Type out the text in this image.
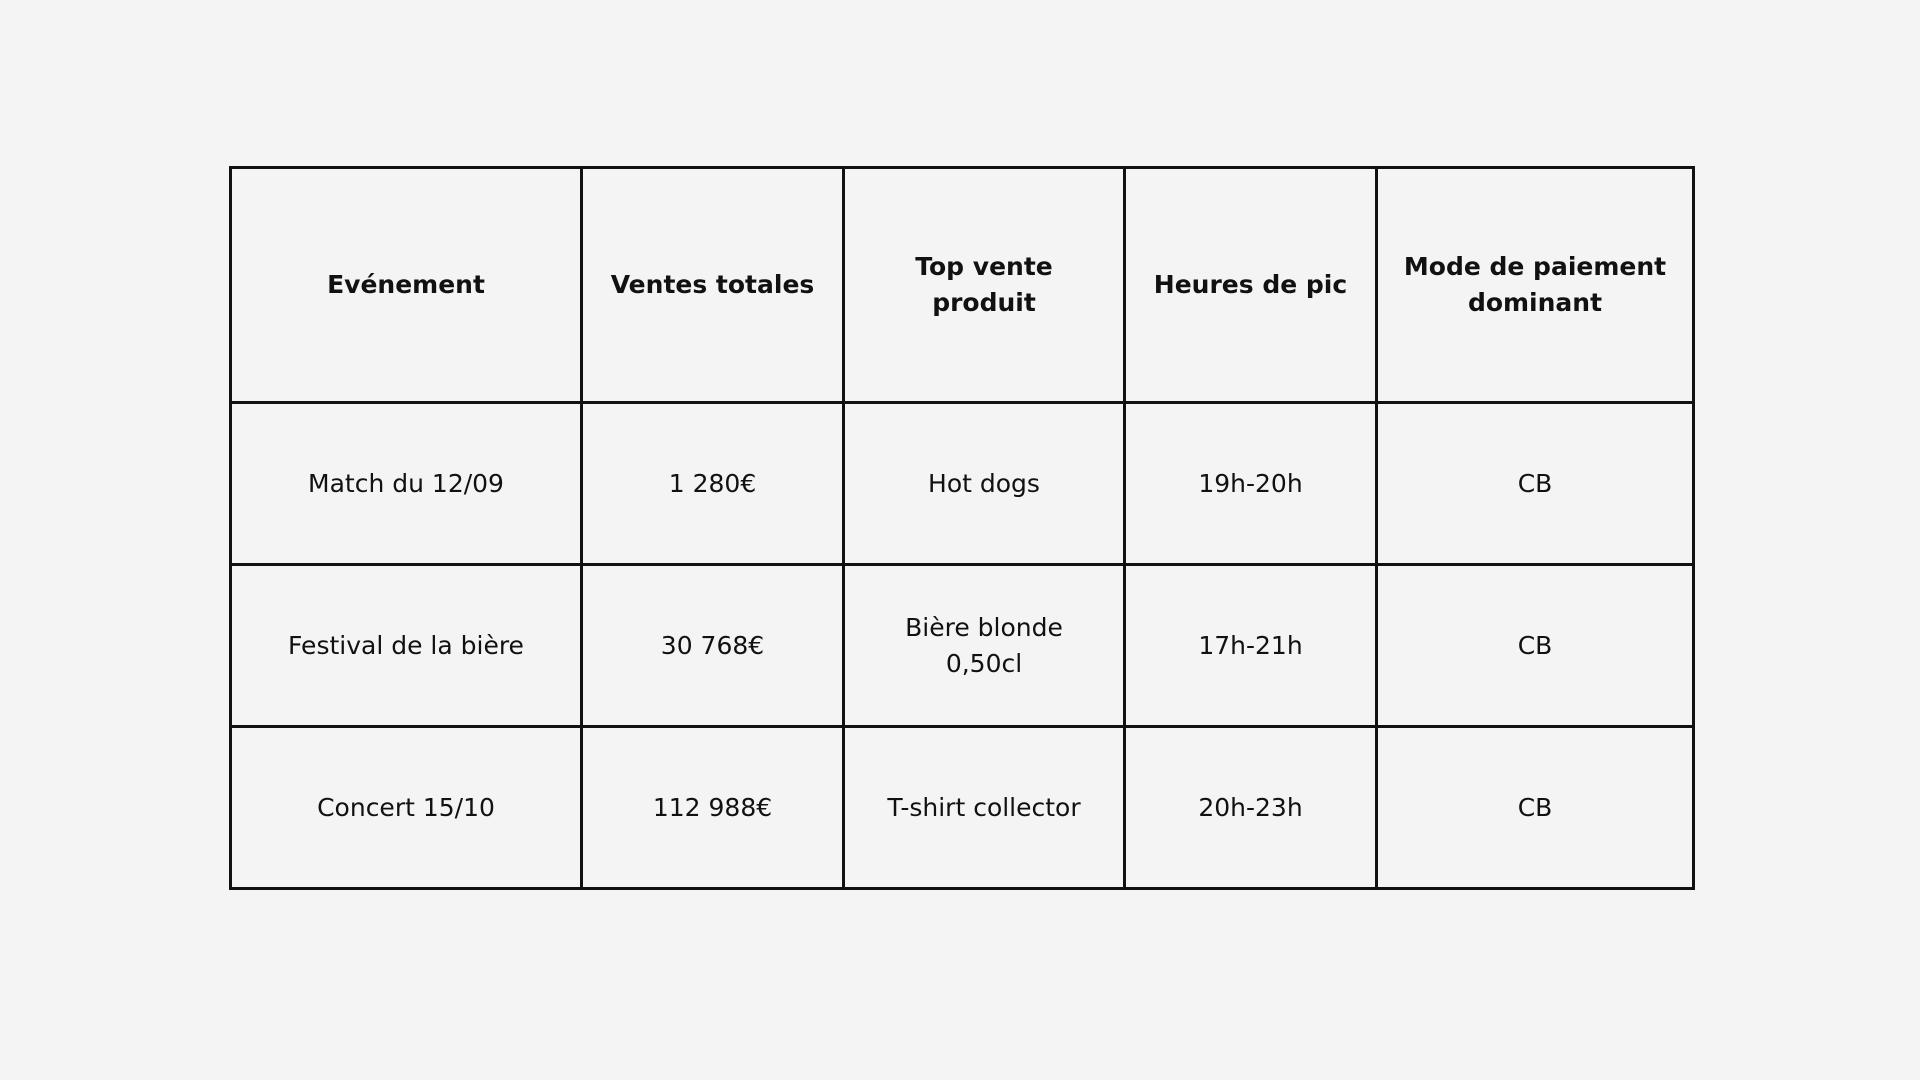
Evénement	Ventes totales	Top vente produit	Heures de pic	Mode de paiement dominant
Match du 12/09	1 280€	Hot dogs	19h-20h	CB
Festival de la bière	30 768€	Bière blonde 0,50cl	17h-21h	CB
Concert 15/10	112 988€	T-shirt collector	20h-23h	CB
